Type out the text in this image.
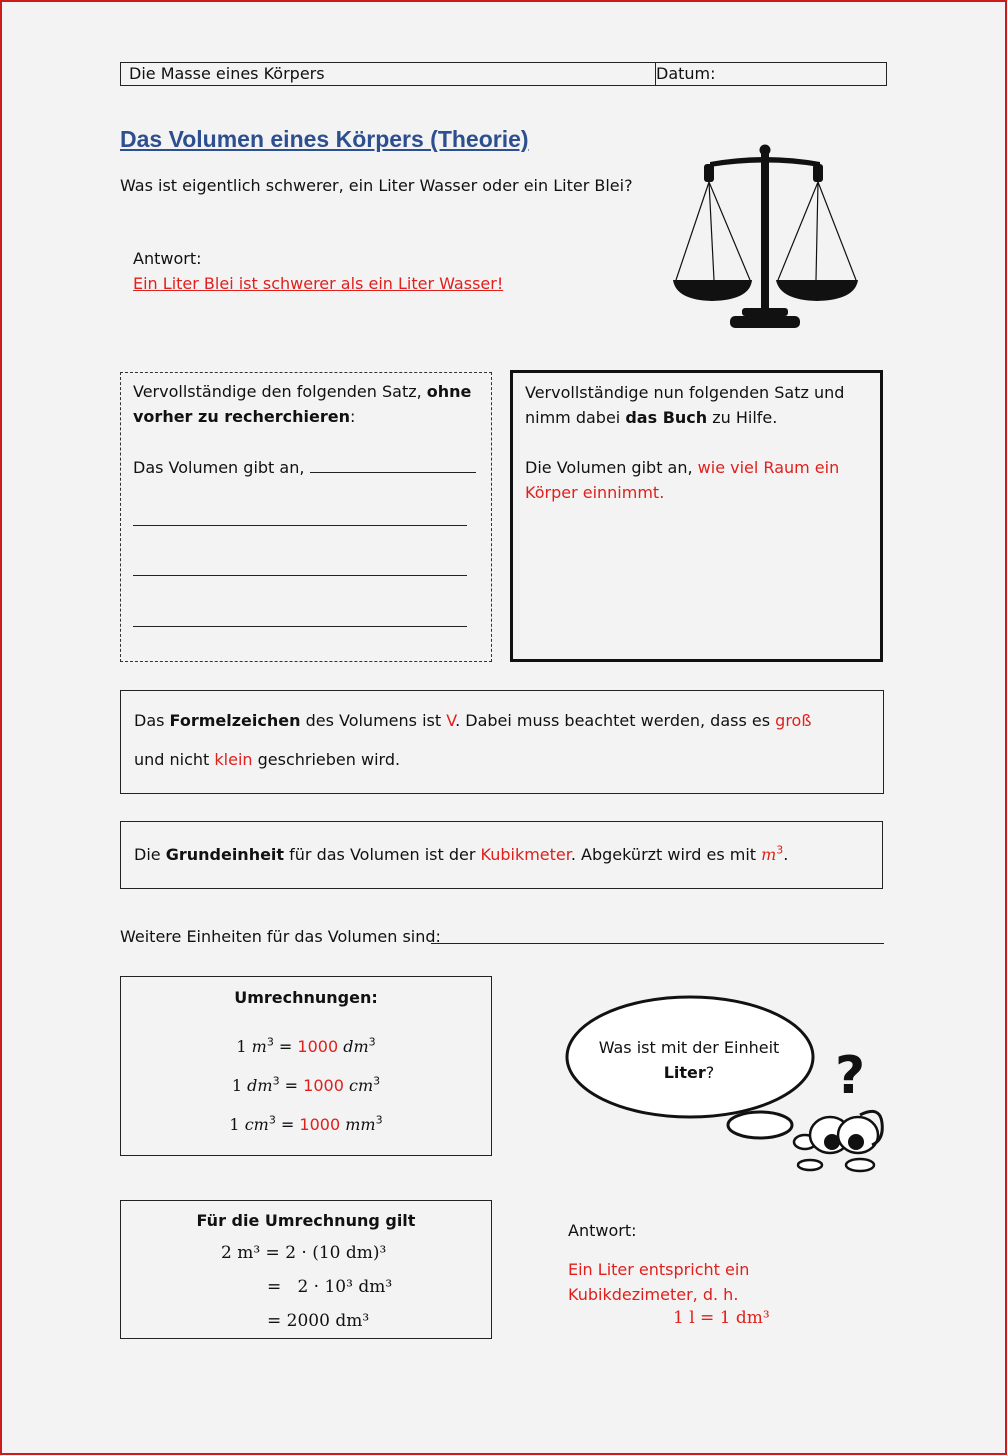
Die Masse eines Körpers	Datum:
Das Volumen eines Körpers (Theorie)
Was ist eigentlich schwerer, ein Liter Wasser oder ein Liter Blei?
Antwort:
Ein Liter Blei ist schwerer als ein Liter Wasser!
Vervollständige den folgenden Satz, ohne vorher zu recherchieren:
Das Volumen gibt an,
Vervollständige nun folgenden Satz und nimm dabei das Buch zu Hilfe.
Die Volumen gibt an, wie viel Raum ein Körper einnimmt.
Das Formelzeichen des Volumens ist V. Dabei muss beachtet werden, dass es groß
und nicht klein geschrieben wird.
Die Grundeinheit für das Volumen ist der Kubikmeter. Abgekürzt wird es mit $m^3$.
Weitere Einheiten für das Volumen sind:
Umrechnungen:
1 $m^3 = 1000$ $dm^3$
1 $dm^3 = 1000$ $cm^3$
1 $cm^3 = 1000$ $mm^3$
?
Was ist mit der Einheit
Liter?
Für die Umrechnung gilt
2 m³ = 2 · (10 dm)³
=   2 · 10³ dm³
= 2000 dm³
Antwort:
Ein Liter entspricht ein Kubikdezimeter, d. h.
1 l = 1 dm³
